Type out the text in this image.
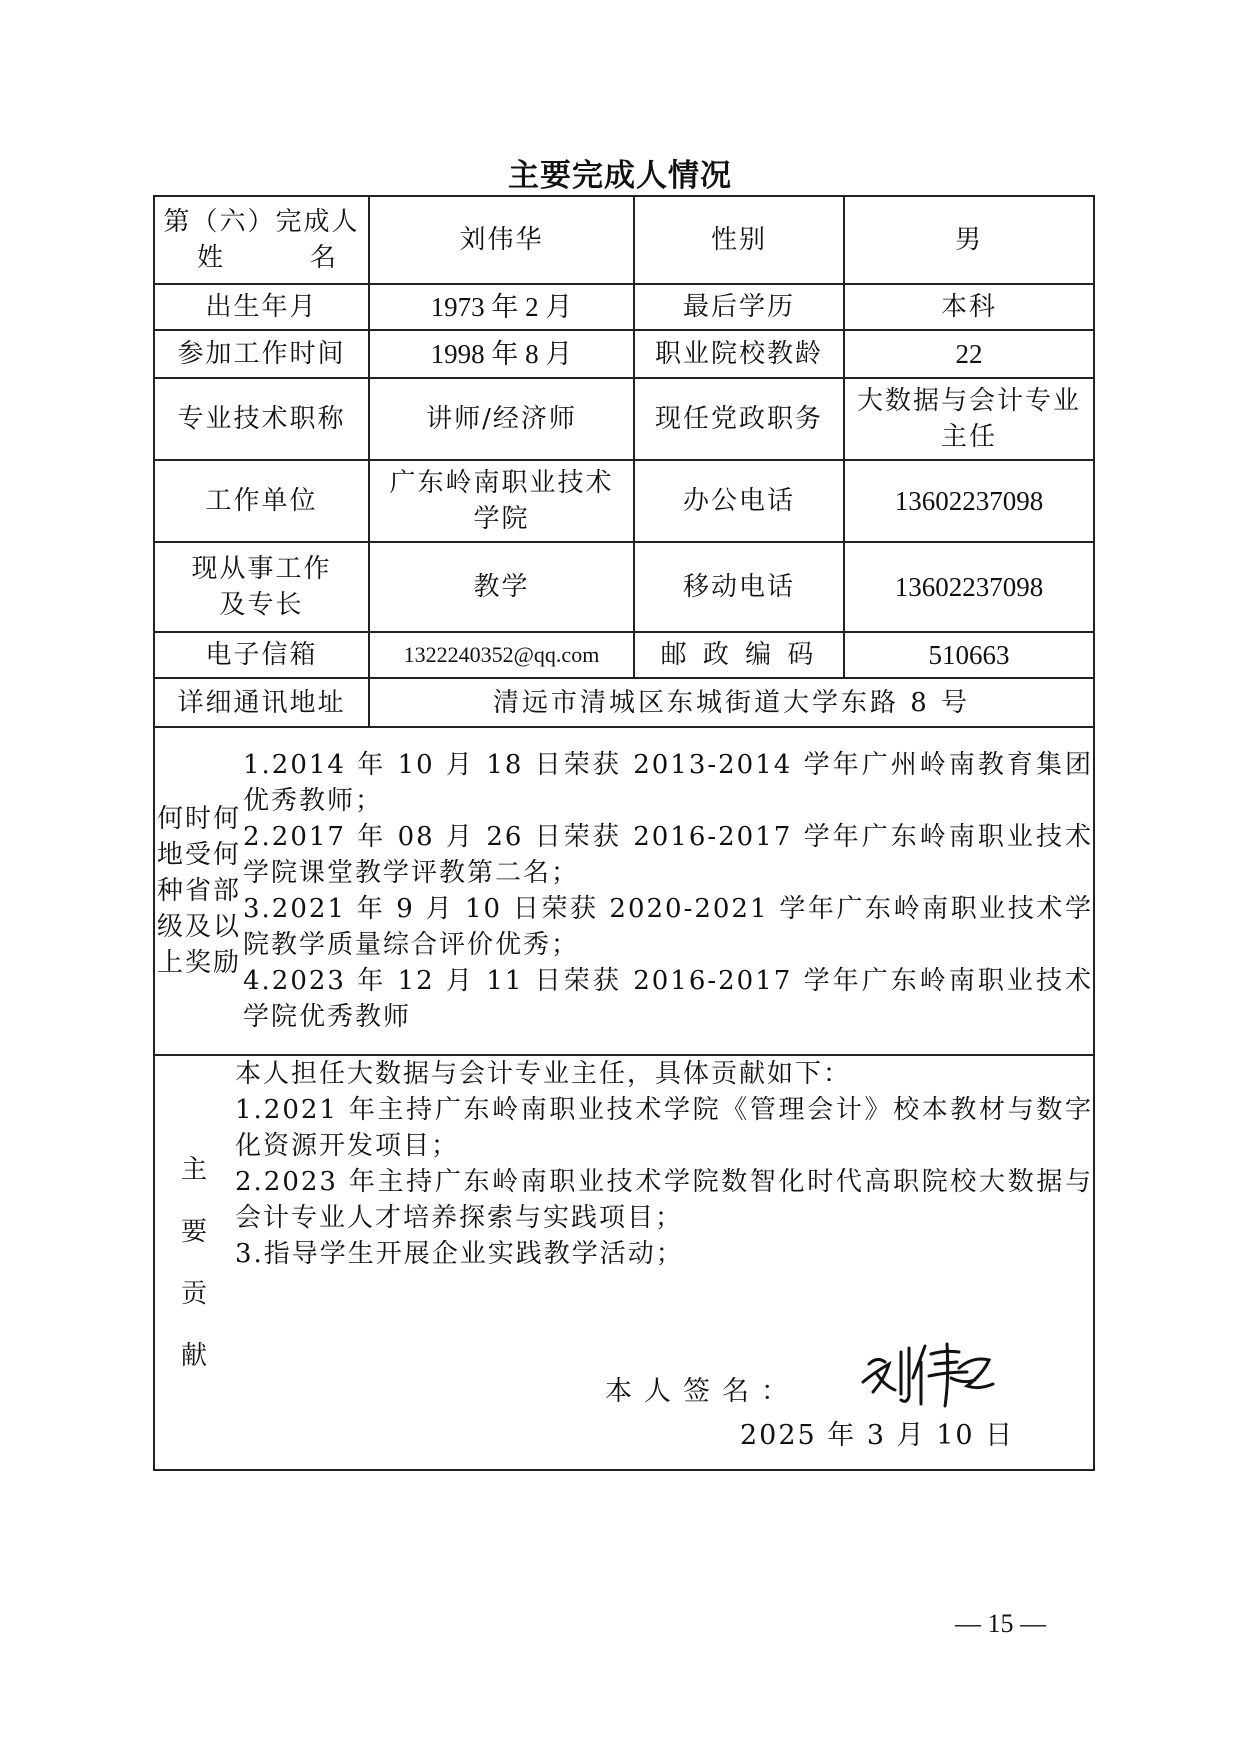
主要完成人情况
第（六）完成人
姓	名
	刘伟华	性别	男
出生年月	1973 年 2 月	最后学历	本科
参加工作时间	1998 年 8 月	职业院校教龄	22
专业技术职称	讲师/经济师	现任党政职务	大数据与会计专业主任
工作单位	广东岭南职业技术学院	办公电话	13602237098

现从事工作
及专长
	教学	移动电话	13602237098
电子信箱	1322240352@qq.com	邮 政 编 码	510663
详细通讯地址	清远市清城区东城街道大学东路 8 号

何时何
地受何
种省部
级及以
上奖励

1.2014 年 10 月 18 日荣获 2013-2014 学年广州岭南教育集团优秀教师；

2.2017 年 08 月 26 日荣获 2016-2017 学年广东岭南职业技术学院课堂教学评教第二名；

3.2021 年 9 月 10 日荣获 2020-2021 学年广东岭南职业技术学院教学质量综合评价优秀；

4.2023 年 12 月 11 日荣获 2016-2017 学年广东岭南职业技术学院优秀教师

主
要
贡
献

本人担任大数据与会计专业主任，具体贡献如下：

1.2021 年主持广东岭南职业技术学院《管理会计》校本教材与数字化资源开发项目；

2.2023 年主持广东岭南职业技术学院数智化时代高职院校大数据与会计专业人才培养探索与实践项目；

3.指导学生开展企业实践教学活动；

本人签名：
2025 年 3 月 10 日
— 15 —
